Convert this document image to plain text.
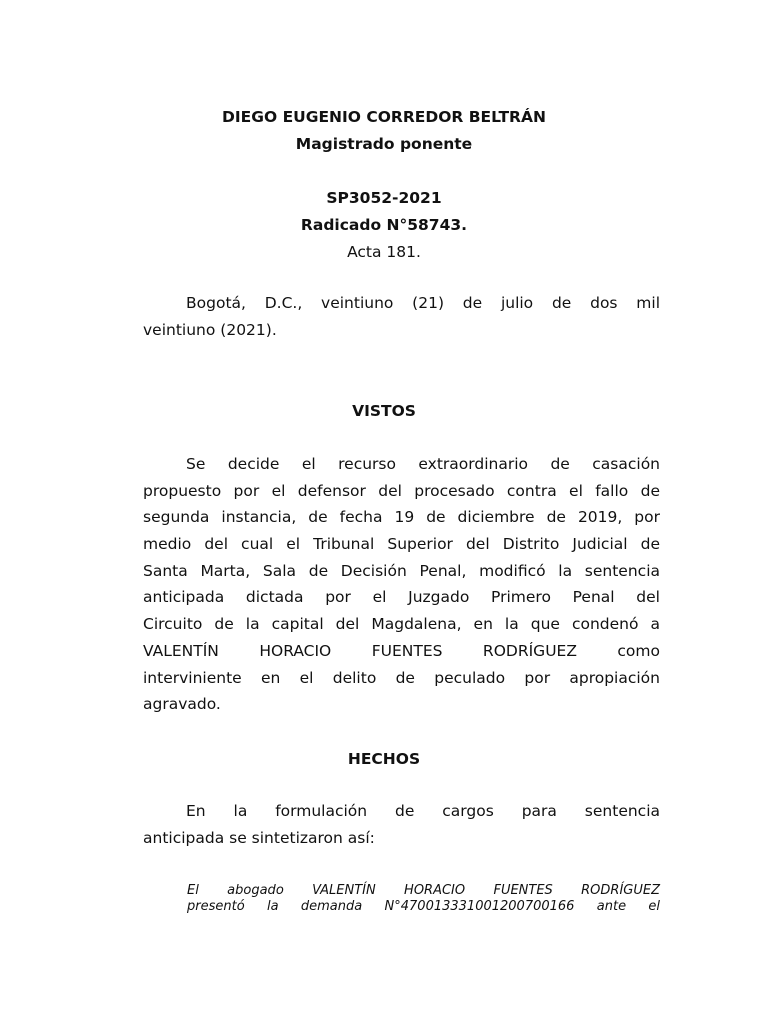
DIEGO EUGENIO CORREDOR BELTRÁN
Magistrado ponente
SP3052-2021
Radicado N°58743.
Acta 181.
Bogotá, D.C., veintiuno (21) de julio de dos mil
veintiuno (2021).
VISTOS
Se decide el recurso extraordinario de casación
propuesto por el defensor del procesado contra el fallo de
segunda instancia, de fecha 19 de diciembre de 2019, por
medio del cual el Tribunal Superior del Distrito Judicial de
Santa Marta, Sala de Decisión Penal, modificó la sentencia
anticipada dictada por el Juzgado Primero Penal del
Circuito de la capital del Magdalena, en la que condenó a
VALENTÍN HORACIO FUENTES RODRÍGUEZ como
interviniente en el delito de peculado por apropiación
agravado.
HECHOS
En la formulación de cargos para sentencia
anticipada se sintetizaron así:
El abogado VALENTÍN HORACIO FUENTES RODRÍGUEZ
presentó la demanda N°470013331001200700166 ante el
